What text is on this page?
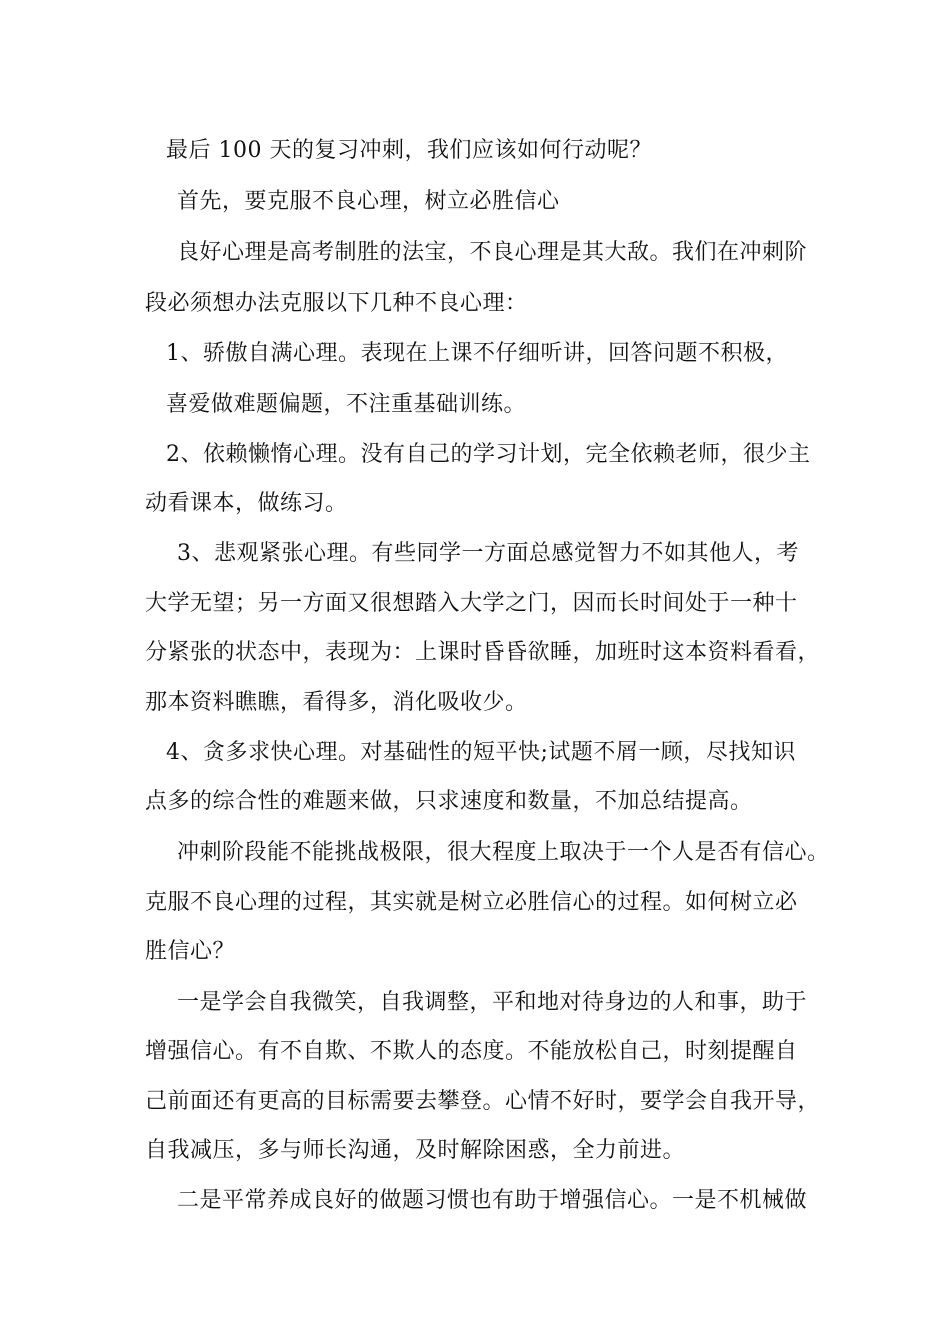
最后 100 天的复习冲刺，我们应该如何行动呢？
首先，要克服不良心理，树立必胜信心
良好心理是高考制胜的法宝，不良心理是其大敌。我们在冲刺阶
段必须想办法克服以下几种不良心理：
1、骄傲自满心理。表现在上课不仔细听讲，回答问题不积极，
喜爱做难题偏题，不注重基础训练。
2、依赖懒惰心理。没有自己的学习计划，完全依赖老师，很少主
动看课本，做练习。
3、悲观紧张心理。有些同学一方面总感觉智力不如其他人，考
大学无望；另一方面又很想踏入大学之门，因而长时间处于一种十
分紧张的状态中，表现为：上课时昏昏欲睡，加班时这本资料看看，
那本资料瞧瞧，看得多，消化吸收少。
4、贪多求快心理。对基础性的短平快;试题不屑一顾，尽找知识
点多的综合性的难题来做，只求速度和数量，不加总结提高。
冲刺阶段能不能挑战极限，很大程度上取决于一个人是否有信心。
克服不良心理的过程，其实就是树立必胜信心的过程。如何树立必
胜信心？
一是学会自我微笑，自我调整，平和地对待身边的人和事，助于
增强信心。有不自欺、不欺人的态度。不能放松自己，时刻提醒自
己前面还有更高的目标需要去攀登。心情不好时，要学会自我开导，
自我减压，多与师长沟通，及时解除困惑，全力前进。
二是平常养成良好的做题习惯也有助于增强信心。一是不机械做
